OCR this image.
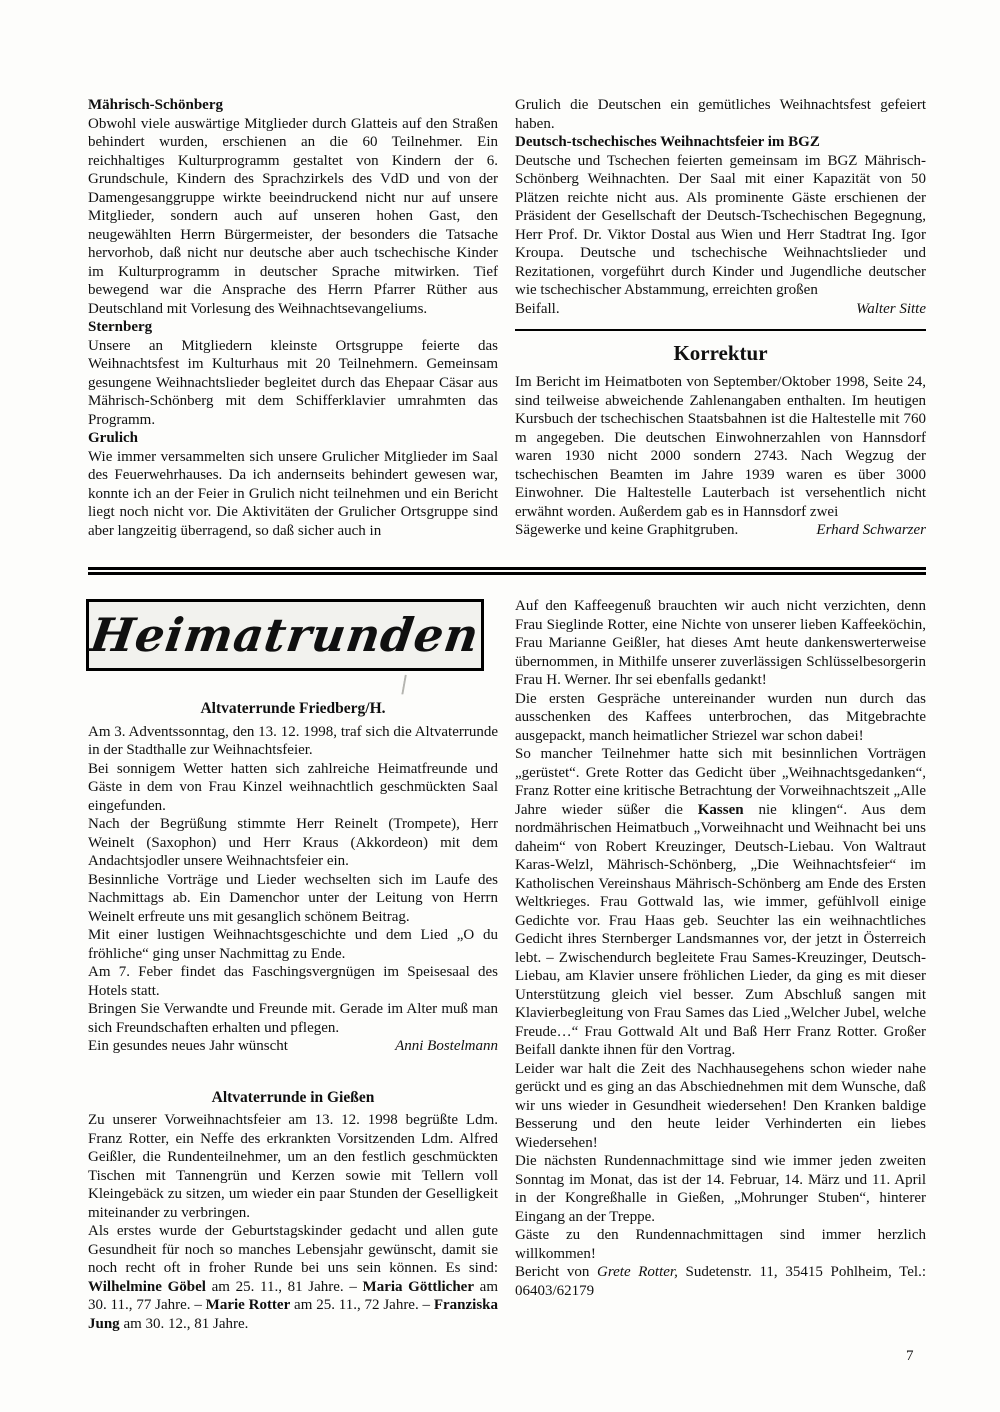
Mährisch-Schönberg

Obwohl viele auswärtige Mitglieder durch Glatteis auf den Straßen behindert wurden, erschienen an die 60 Teilnehmer. Ein reichhaltiges Kulturprogramm gestaltet von Kindern der 6. Grundschule, Kindern des Sprachzirkels des VdD und von der Damengesanggruppe wirkte beeindruckend nicht nur auf unsere Mitglieder, sondern auch auf unseren hohen Gast, den neugewählten Herrn Bürgermeister, der besonders die Tatsache hervorhob, daß nicht nur deutsche aber auch tschechische Kinder im Kulturprogramm in deutscher Sprache mitwirken. Tief bewegend war die Ansprache des Herrn Pfarrer Rüther aus Deutschland mit Vorlesung des Weihnachtsevangeliums.

Sternberg

Unsere an Mitgliedern kleinste Ortsgruppe feierte das Weihnachtsfest im Kulturhaus mit 20 Teilnehmern. Gemeinsam gesungene Weihnachtslieder begleitet durch das Ehepaar Cäsar aus Mährisch-Schönberg mit dem Schifferklavier umrahmten das Programm.

Grulich

Wie immer versammelten sich unsere Grulicher Mitglieder im Saal des Feuerwehrhauses. Da ich andernseits behindert gewesen war, konnte ich an der Feier in Grulich nicht teilnehmen und ein Bericht liegt noch nicht vor. Die Aktivitäten der Grulicher Ortsgruppe sind aber langzeitig überragend, so daß sicher auch in

Grulich die Deutschen ein gemütliches Weihnachtsfest gefeiert haben.

Deutsch-tschechisches Weihnachtsfeier im BGZ

Deutsche und Tschechen feierten gemeinsam im BGZ Mährisch-Schönberg Weihnachten. Der Saal mit einer Kapazität von 50 Plätzen reichte nicht aus. Als prominente Gäste erschienen der Präsident der Gesellschaft der Deutsch-Tschechischen Begegnung, Herr Prof. Dr. Viktor Dostal aus Wien und Herr Stadtrat Ing. Igor Kroupa. Deutsche und tschechische Weihnachtslieder und Rezitationen, vorgeführt durch Kinder und Jugendliche deutscher wie tschechischer Abstammung, erreichten großen

Beifall.	Walter Sitte
Korrektur

Im Bericht im Heimatboten von September/Oktober 1998, Seite 24, sind teilweise abweichende Zahlenangaben enthalten. Im heutigen Kursbuch der tschechischen Staatsbahnen ist die Haltestelle mit 760 m angegeben. Die deutschen Einwohnerzahlen von Hannsdorf waren 1930 nicht 2000 sondern 2743. Nach Wegzug der tschechischen Beamten im Jahre 1939 waren es über 3000 Einwohner. Die Haltestelle Lauterbach ist versehentlich nicht erwähnt worden. Außerdem gab es in Hannsdorf zwei

Sägewerke und keine Graphitgruben.	Erhard Schwarzer
Heimatrunden
Altvaterrunde Friedberg/H.

Am 3. Adventssonntag, den 13. 12. 1998, traf sich die Altvaterrunde in der Stadthalle zur Weihnachtsfeier.

Bei sonnigem Wetter hatten sich zahlreiche Heimatfreunde und Gäste in dem von Frau Kinzel weihnachtlich geschmückten Saal eingefunden.

Nach der Begrüßung stimmte Herr Reinelt (Trompete), Herr Weinelt (Saxophon) und Herr Kraus (Akkordeon) mit dem Andachtsjodler unsere Weihnachtsfeier ein.

Besinnliche Vorträge und Lieder wechselten sich im Laufe des Nachmittags ab. Ein Damenchor unter der Leitung von Herrn Weinelt erfreute uns mit gesanglich schönem Beitrag.

Mit einer lustigen Weihnachtsgeschichte und dem Lied „O du fröhliche“ ging unser Nachmittag zu Ende.

Am 7. Feber findet das Faschingsvergnügen im Speisesaal des Hotels statt.

Bringen Sie Verwandte und Freunde mit. Gerade im Alter muß man sich Freundschaften erhalten und pflegen.

Ein gesundes neues Jahr wünscht	Anni Bostelmann
Altvaterrunde in Gießen

Zu unserer Vorweihnachtsfeier am 13. 12. 1998 begrüßte Ldm. Franz Rotter, ein Neffe des erkrankten Vorsitzenden Ldm. Alfred Geißler, die Rundenteilnehmer, um an den festlich geschmückten Tischen mit Tannengrün und Kerzen sowie mit Tellern voll Kleingebäck zu sitzen, um wieder ein paar Stunden der Geselligkeit miteinander zu verbringen.

Als erstes wurde der Geburtstagskinder gedacht und allen gute Gesundheit für noch so manches Lebensjahr gewünscht, damit sie noch recht oft in froher Runde bei uns sein können. Es sind: Wilhelmine Göbel am 25. 11., 81 Jahre. – Maria Göttlicher am 30. 11., 77 Jahre. – Marie Rotter am 25. 11., 72 Jahre. – Franziska Jung am 30. 12., 81 Jahre.

Auf den Kaffeegenuß brauchten wir auch nicht verzichten, denn Frau Sieglinde Rotter, eine Nichte von unserer lieben Kaffeeköchin, Frau Marianne Geißler, hat dieses Amt heute dankenswerterweise übernommen, in Mithilfe unserer zuverlässigen Schlüsselbesorgerin Frau H. Werner. Ihr sei ebenfalls gedankt!

Die ersten Gespräche untereinander wurden nun durch das ausschenken des Kaffees unterbrochen, das Mitgebrachte ausgepackt, manch heimatlicher Striezel war schon dabei!

So mancher Teilnehmer hatte sich mit besinnlichen Vorträgen „gerüstet“. Grete Rotter das Gedicht über „Weihnachtsgedanken“, Franz Rotter eine kritische Betrachtung der Vorweihnachtszeit „Alle Jahre wieder süßer die Kassen nie klingen“. Aus dem nordmährischen Heimatbuch „Vorweihnacht und Weihnacht bei uns daheim“ von Robert Kreuzinger, Deutsch-Liebau. Von Waltraut Karas-Welzl, Mährisch-Schönberg, „Die Weihnachtsfeier“ im Katholischen Vereinshaus Mährisch-Schönberg am Ende des Ersten Weltkrieges. Frau Gottwald las, wie immer, gefühlvoll einige Gedichte vor. Frau Haas geb. Seuchter las ein weihnachtliches Gedicht ihres Sternberger Landsmannes vor, der jetzt in Österreich lebt. – Zwischendurch begleitete Frau Sames-Kreuzinger, Deutsch-Liebau, am Klavier unsere fröhlichen Lieder, da ging es mit dieser Unterstützung gleich viel besser. Zum Abschluß sangen mit Klavierbegleitung von Frau Sames das Lied „Welcher Jubel, welche Freude…“ Frau Gottwald Alt und Baß Herr Franz Rotter. Großer Beifall dankte ihnen für den Vortrag.

Leider war halt die Zeit des Nachhausegehens schon wieder nahe gerückt und es ging an das Abschiednehmen mit dem Wunsche, daß wir uns wieder in Gesundheit wiedersehen! Den Kranken baldige Besserung und den heute leider Verhinderten ein liebes Wiedersehen!

Die nächsten Rundennachmittage sind wie immer jeden zweiten Sonntag im Monat, das ist der 14. Februar, 14. März und 11. April in der Kongreßhalle in Gießen, „Mohrunger Stuben“, hinterer Eingang an der Treppe.

Gäste zu den Rundennachmittagen sind immer herzlich willkommen!

Bericht von Grete Rotter, Sudetenstr. 11, 35415 Pohlheim, Tel.: 06403/62179

7
